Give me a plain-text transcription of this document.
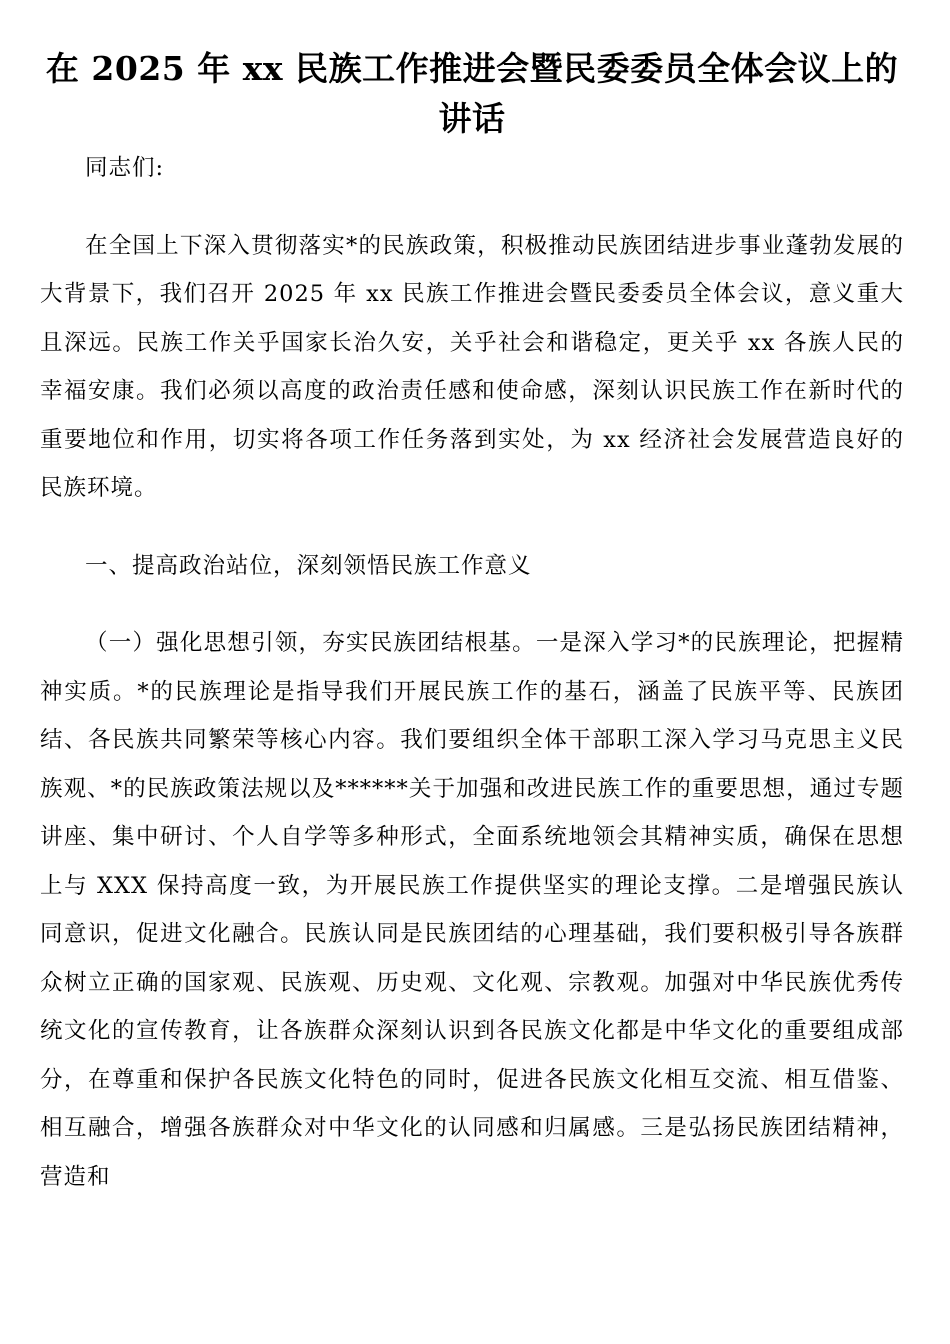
在 2025 年 xx 民族工作推进会暨民委委员全体会议上的
讲话

同志们:

在全国上下深入贯彻落实*的民族政策，积极推动民族团结进步事业蓬勃发展的大背景下，我们召开 2025 年 xx 民族工作推进会暨民委委员全体会议，意义重大且深远。民族工作关乎国家长治久安，关乎社会和谐稳定，更关乎 xx 各族人民的幸福安康。我们必须以高度的政治责任感和使命感，深刻认识民族工作在新时代的重要地位和作用，切实将各项工作任务落到实处，为 xx 经济社会发展营造良好的民族环境。

一、提高政治站位，深刻领悟民族工作意义

（一）强化思想引领，夯实民族团结根基。一是深入学习*的民族理论，把握精神实质。*的民族理论是指导我们开展民族工作的基石，涵盖了民族平等、民族团结、各民族共同繁荣等核心内容。我们要组织全体干部职工深入学习马克思主义民族观、*的民族政策法规以及******关于加强和改进民族工作的重要思想，通过专题讲座、集中研讨、个人自学等多种形式，全面系统地领会其精神实质，确保在思想上与 XXX 保持高度一致，为开展民族工作提供坚实的理论支撑。二是增强民族认同意识，促进文化融合。民族认同是民族团结的心理基础，我们要积极引导各族群众树立正确的国家观、民族观、历史观、文化观、宗教观。加强对中华民族优秀传统文化的宣传教育，让各族群众深刻认识到各民族文化都是中华文化的重要组成部分，在尊重和保护各民族文化特色的同时，促进各民族文化相互交流、相互借鉴、相互融合，增强各族群众对中华文化的认同感和归属感。三是弘扬民族团结精神，营造和
